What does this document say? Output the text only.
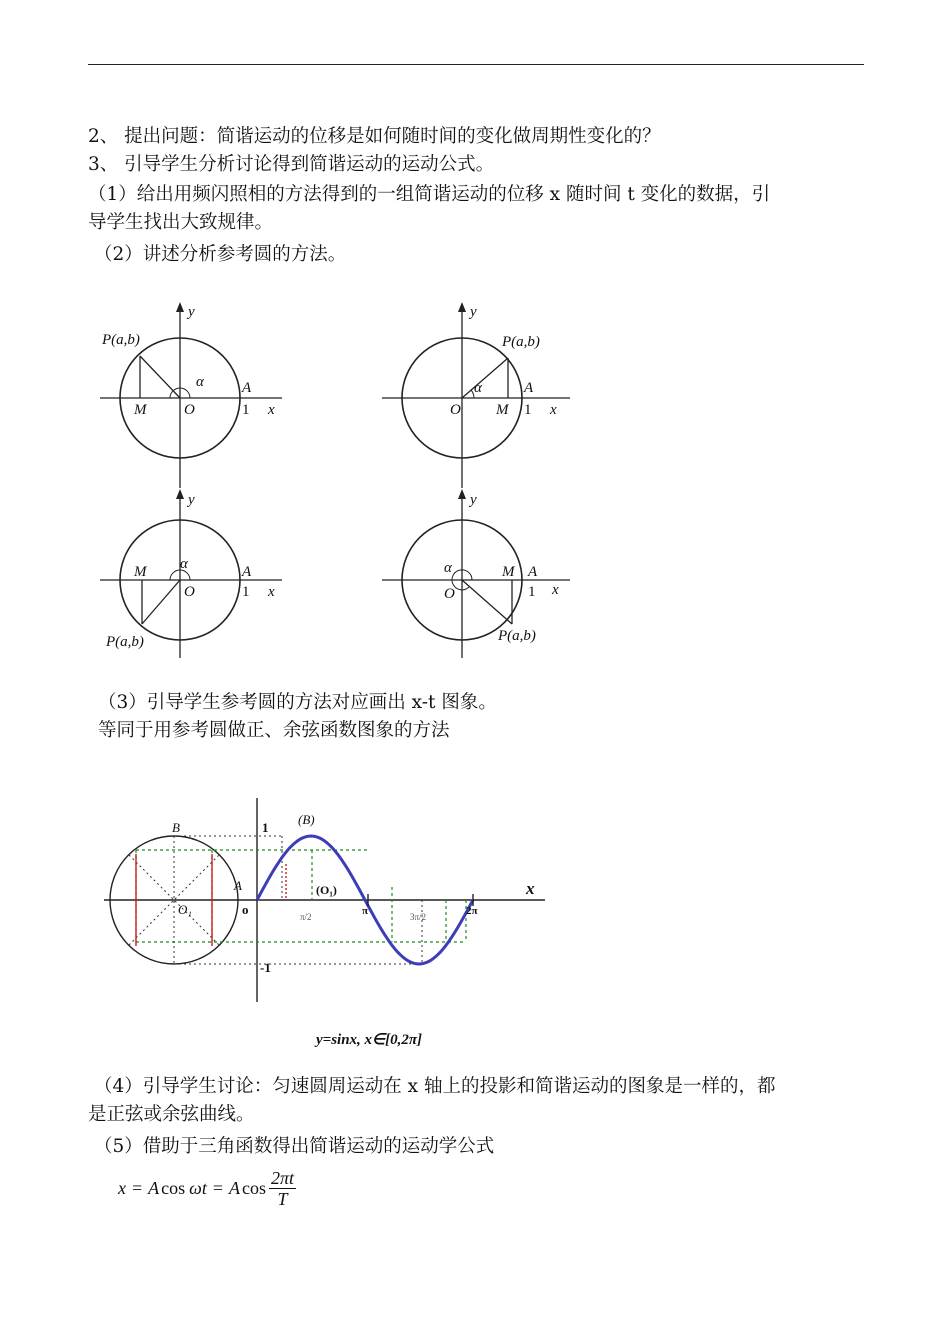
2、 提出问题：简谐运动的位移是如何随时间的变化做周期性变化的？
3、 引导学生分析讨论得到简谐运动的运动公式。
（1）给出用频闪照相的方法得到的一组简谐运动的位移 x 随时间 t 变化的数据，引
导学生找出大致规律。
（2）讲述分析参考圆的方法。
y
P(a,b)
α	A
M	O	1 x
y
P(a,b)
α	A
O M 1 x
y
α
M	A
O	1 x
P(a,b)
y
α	M A
O	1 x
P(a,b)
（3）引导学生参考圆的方法对应画出 x-t 图象。
等同于用参考圆做正、余弦函数图象的方法
B
(B)
A
O₁
(O₁)
o
1
-1
x
π	2π
π/2	3π/2
y=sinx, x∈[0,2π]
（4）引导学生讨论：匀速圆周运动在 x 轴上的投影和简谐运动的图象是一样的，都
是正弦或余弦曲线。
（5）借助于三角函数得出简谐运动的运动学公式
x = A cos ωt = A $\cos \frac{2\pi t}{T}$
